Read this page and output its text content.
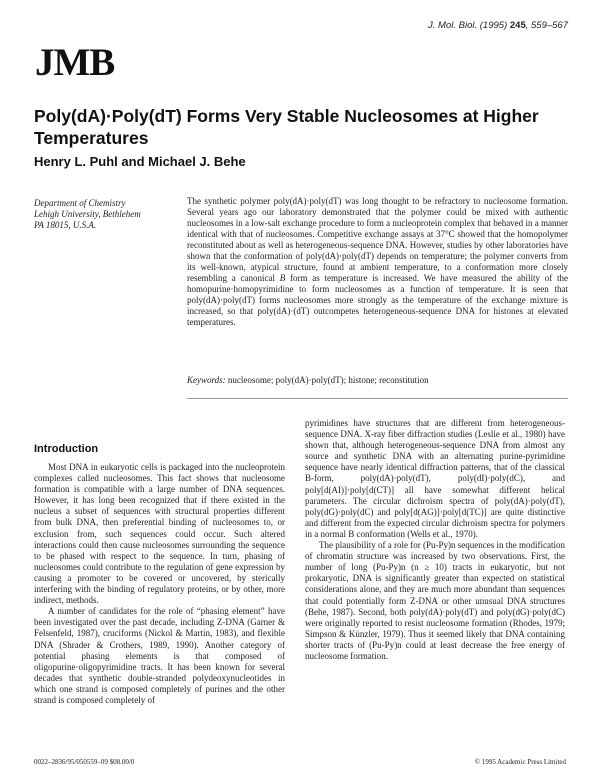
J. Mol. Biol. (1995) 245, 559–567
JMB
Poly(dA)·Poly(dT) Forms Very Stable Nucleosomes at Higher Temperatures
Henry L. Puhl and Michael J. Behe
Department of Chemistry
Lehigh University, Bethlehem
PA 18015, U.S.A.

The synthetic polymer poly(dA)·poly(dT) was long thought to be refractory to nucleosome formation. Several years ago our laboratory demonstrated that the polymer could be mixed with authentic nucleosomes in a low-salt exchange procedure to form a nucleoprotein complex that behaved in a manner identical with that of nucleosomes. Competitive exchange assays at 37°C showed that the homopolymer reconstituted about as well as heterogeneous-sequence DNA. However, studies by other laboratories have shown that the conformation of poly(dA)·poly(dT) depends on temperature; the polymer converts from its well-known, atypical structure, found at ambient temperature, to a conformation more closely resembling a canonical B form as temperature is increased. We have measured the ability of the homopurine·homopyrimidine to form nucleosomes as a function of temperature. It is seen that poly(dA)·poly(dT) forms nucleosomes more strongly as the temperature of the exchange mixture is increased, so that poly(dA)·(dT) outcompetes heterogeneous-sequence DNA for histones at elevated temperatures.

Keywords: nucleosome; poly(dA)·poly(dT); histone; reconstitution

Introduction

Most DNA in eukaryotic cells is packaged into the nucleoprotein complexes called nucleosomes. This fact shows that nucleosome formation is compatible with a large number of DNA sequences. However, it has long been recognized that if there existed in the nucleus a subset of sequences with structural properties different from bulk DNA, then preferential binding of nucleosomes to, or exclusion from, such sequences could occur. Such altered interactions could then cause nucleosomes surrounding the sequence to be phased with respect to the sequence. In turn, phasing of nucleosomes could contribute to the regulation of gene expression by causing a promoter to be covered or uncovered, by sterically interfering with the binding of regulatory proteins, or by other, more indirect, methods.

A number of candidates for the role of “phasing element” have been investigated over the past decade, including Z-DNA (Garner & Felsenfeld, 1987), cruciforms (Nickol & Martin, 1983), and flexible DNA (Shrader & Crothers, 1989, 1990). Another category of potential phasing elements is that composed of oligopurine·oligopyrimidine tracts. It has been known for several decades that synthetic double-stranded polydeoxynucleotides in which one strand is composed completely of purines and the other strand is composed completely of

pyrimidines have structures that are different from heterogeneous-sequence DNA. X-ray fiber diffraction studies (Leslie et al., 1980) have shown that, although heterogeneous-sequence DNA from almost any source and synthetic DNA with an alternating purine-pyrimidine sequence have nearly identical diffraction patterns, that of the classical B-form, poly(dA)·poly(dT), poly(dI)·poly(dC), and poly[d(AI)]·poly[d(CT)] all have somewhat different helical parameters. The circular dichroism spectra of poly(dA)·poly(dT), poly(dG)·poly(dC) and poly[d(AG)]·poly[d(TC)] are quite distinctive and different from the expected circular dichroism spectra for polymers in a normal B conformation (Wells et al., 1970).

The plausibility of a role for (Pu-Py)n sequences in the modification of chromatin structure was increased by two observations. First, the number of long (Pu-Py)n (n ≥ 10) tracts in eukaryotic, but not prokaryotic, DNA is significantly greater than expected on statistical considerations alone, and they are much more abundant than sequences that could potentially form Z-DNA or other unusual DNA structures (Behe, 1987). Second, both poly(dA)·poly(dT) and poly(dG)·poly(dC) were originally reported to resist nucleosome formation (Rhodes, 1979; Simpson & Künzler, 1979). Thus it seemed likely that DNA containing shorter tracts of (Pu-Py)n could at least decrease the free energy of nucleosome formation.

0022–2836/95/050559–09 $08.00/0	© 1995 Academic Press Limited
